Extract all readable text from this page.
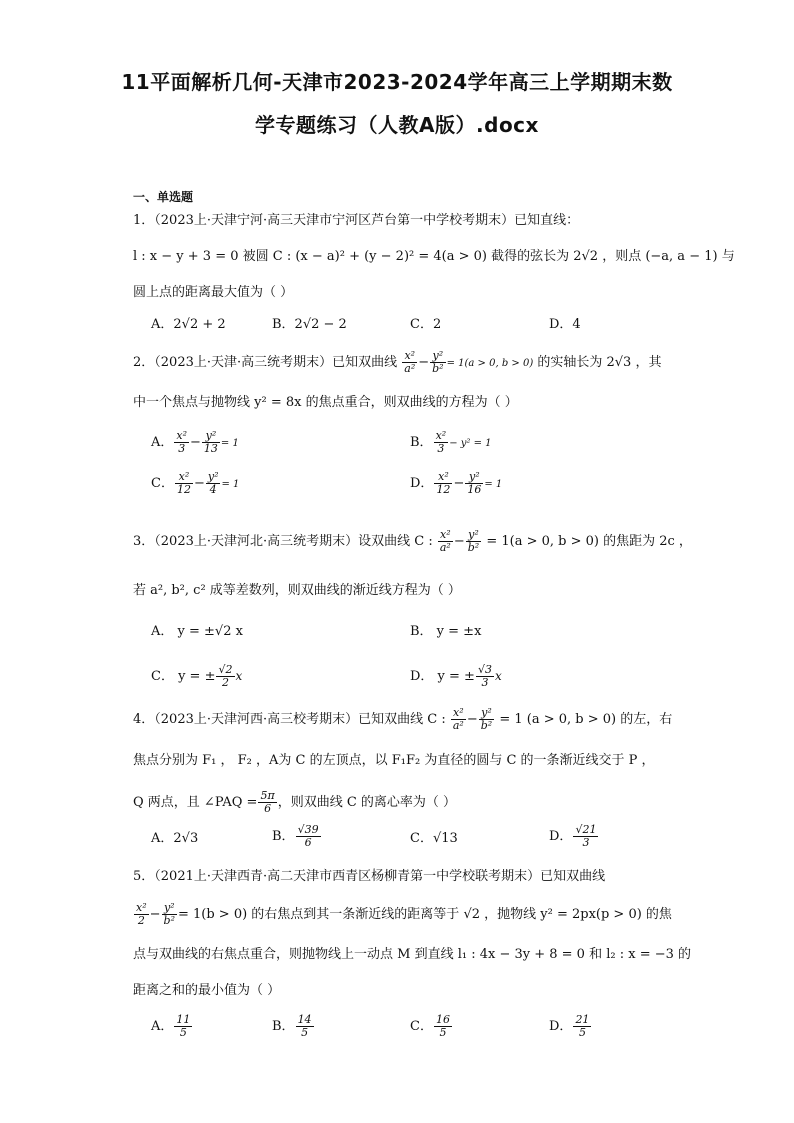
11平面解析几何-天津市2023-2024学年高三上学期期末数
学专题练习（人教A版）.docx
一、单选题
1．（2023上·天津宁河·高三天津市宁河区芦台第一中学校考期末）已知直线：
l : x − y + 3 = 0 被圆 C : (x − a)² + (y − 2)² = 4(a > 0) 截得的弦长为 2√2 ，则点 (−a, a − 1) 与
圆上点的距离最大值为（ ）
A．2√2 + 2	B．2√2 − 2	C．2	D．4
2．（2023上·天津·高三统考期末）已知双曲线 $\frac{\text{x²}}{\text{a²}} - \frac{\text{y²}}{\text{b²}} = 1(a > 0$, b > 0) 的实轴长为 2√3 ，其
中一个焦点与抛物线 y² = 8x 的焦点重合，则双曲线的方程为（ ）
A． $\frac{\text{x²}}{3} - \frac{\text{y²}}{13} = 1$	B． $\frac{\text{x²}}{3} - y^2 = 1$
C． $\frac{\text{x²}}{12} - \frac{\text{y²}}{4} = 1$	D． $\frac{\text{x²}}{12} - \frac{\text{y²}}{16} = 1$
3．（2023上·天津河北·高三统考期末）设双曲线 C : $\frac{\text{x²}}{\text{a²}} - \frac{\text{y²}}{\text{b²}} = 1(a > 0$, b > 0) 的焦距为 2c ，
若 a², b², c² 成等差数列，则双曲线的渐近线方程为（ ）
A． y = ±√2 x	B． y = ±x
C． y = ± $\frac{√2}{2}$ x	D． y = ± $\frac{√3}{3}$ x
4．（2023上·天津河西·高三校考期末）已知双曲线 C : $\frac{\text{x²}}{\text{a²}} - \frac{\text{y²}}{\text{b²}} = 1$ (a > 0, b > 0) 的左，右
焦点分别为 F₁ ， F₂ ，A为 C 的左顶点，以 F₁F₂ 为直径的圆与 C 的一条渐近线交于 P ，
Q 两点，且 ∠PAQ = $\frac{5\pi}{6}$ ，则双曲线 C 的离心率为（ ）
A．2√3	B． $\frac{√39}{6}$	C．√13	D． $\frac{√21}{3}$
5．（2021上·天津西青·高二天津市西青区杨柳青第一中学校联考期末）已知双曲线
$\frac{\text{x²}}{2} - \frac{\text{y²}}{\text{b²}} = 1(b > 0)$ 的右焦点到其一条渐近线的距离等于 √2 ，抛物线 y² = 2px(p > 0) 的焦
点与双曲线的右焦点重合，则抛物线上一动点 M 到直线 l₁ : 4x − 3y + 8 = 0 和 l₂ : x = −3 的
距离之和的最小值为（ ）
A． $\frac{11}{5}$	B． $\frac{14}{5}$	C． $\frac{16}{5}$	D． $\frac{21}{5}$
